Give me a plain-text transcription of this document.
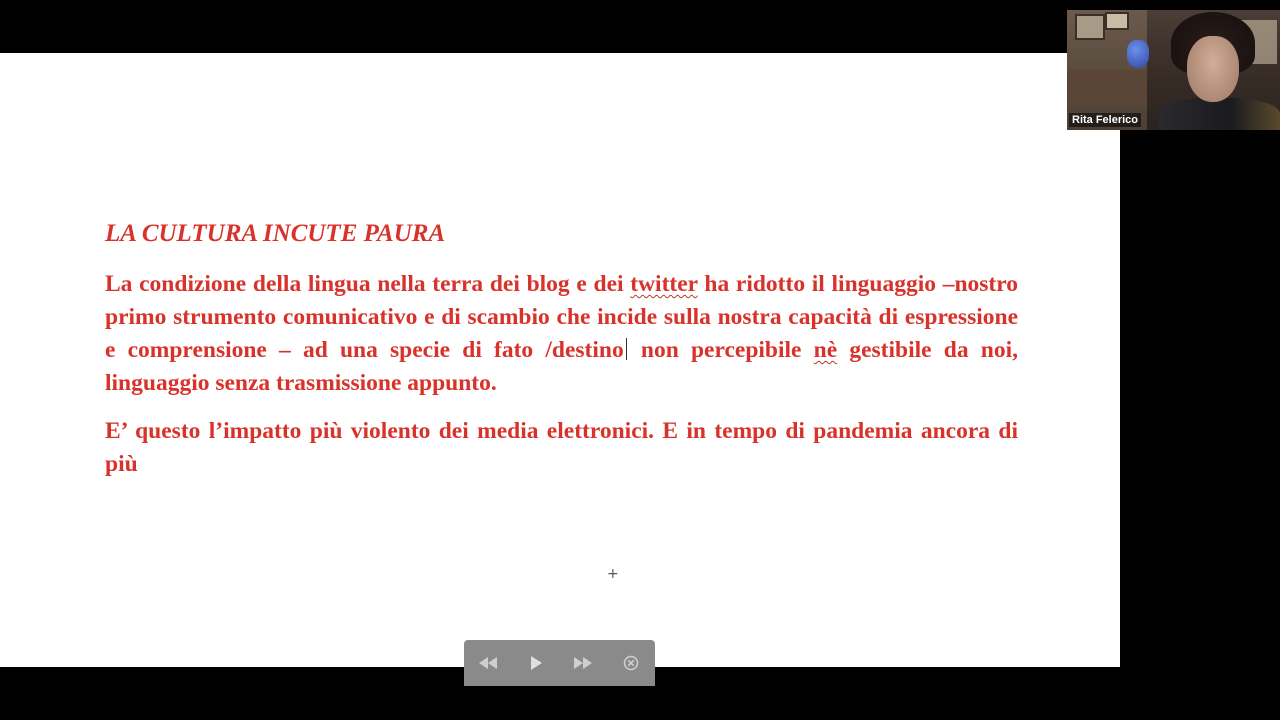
LA CULTURA INCUTE PAURA

La condizione della lingua nella terra dei blog e dei twitter ha ridotto il linguaggio –nostro primo strumento comunicativo e di scambio che incide sulla nostra capacità di espressione e comprensione – ad una specie di fato /destino non percepibile nè gestibile da noi, linguaggio senza trasmissione appunto.

E’ questo l’impatto più violento dei media elettronici. E in tempo di pandemia ancora di più

+
Rita Felerico
